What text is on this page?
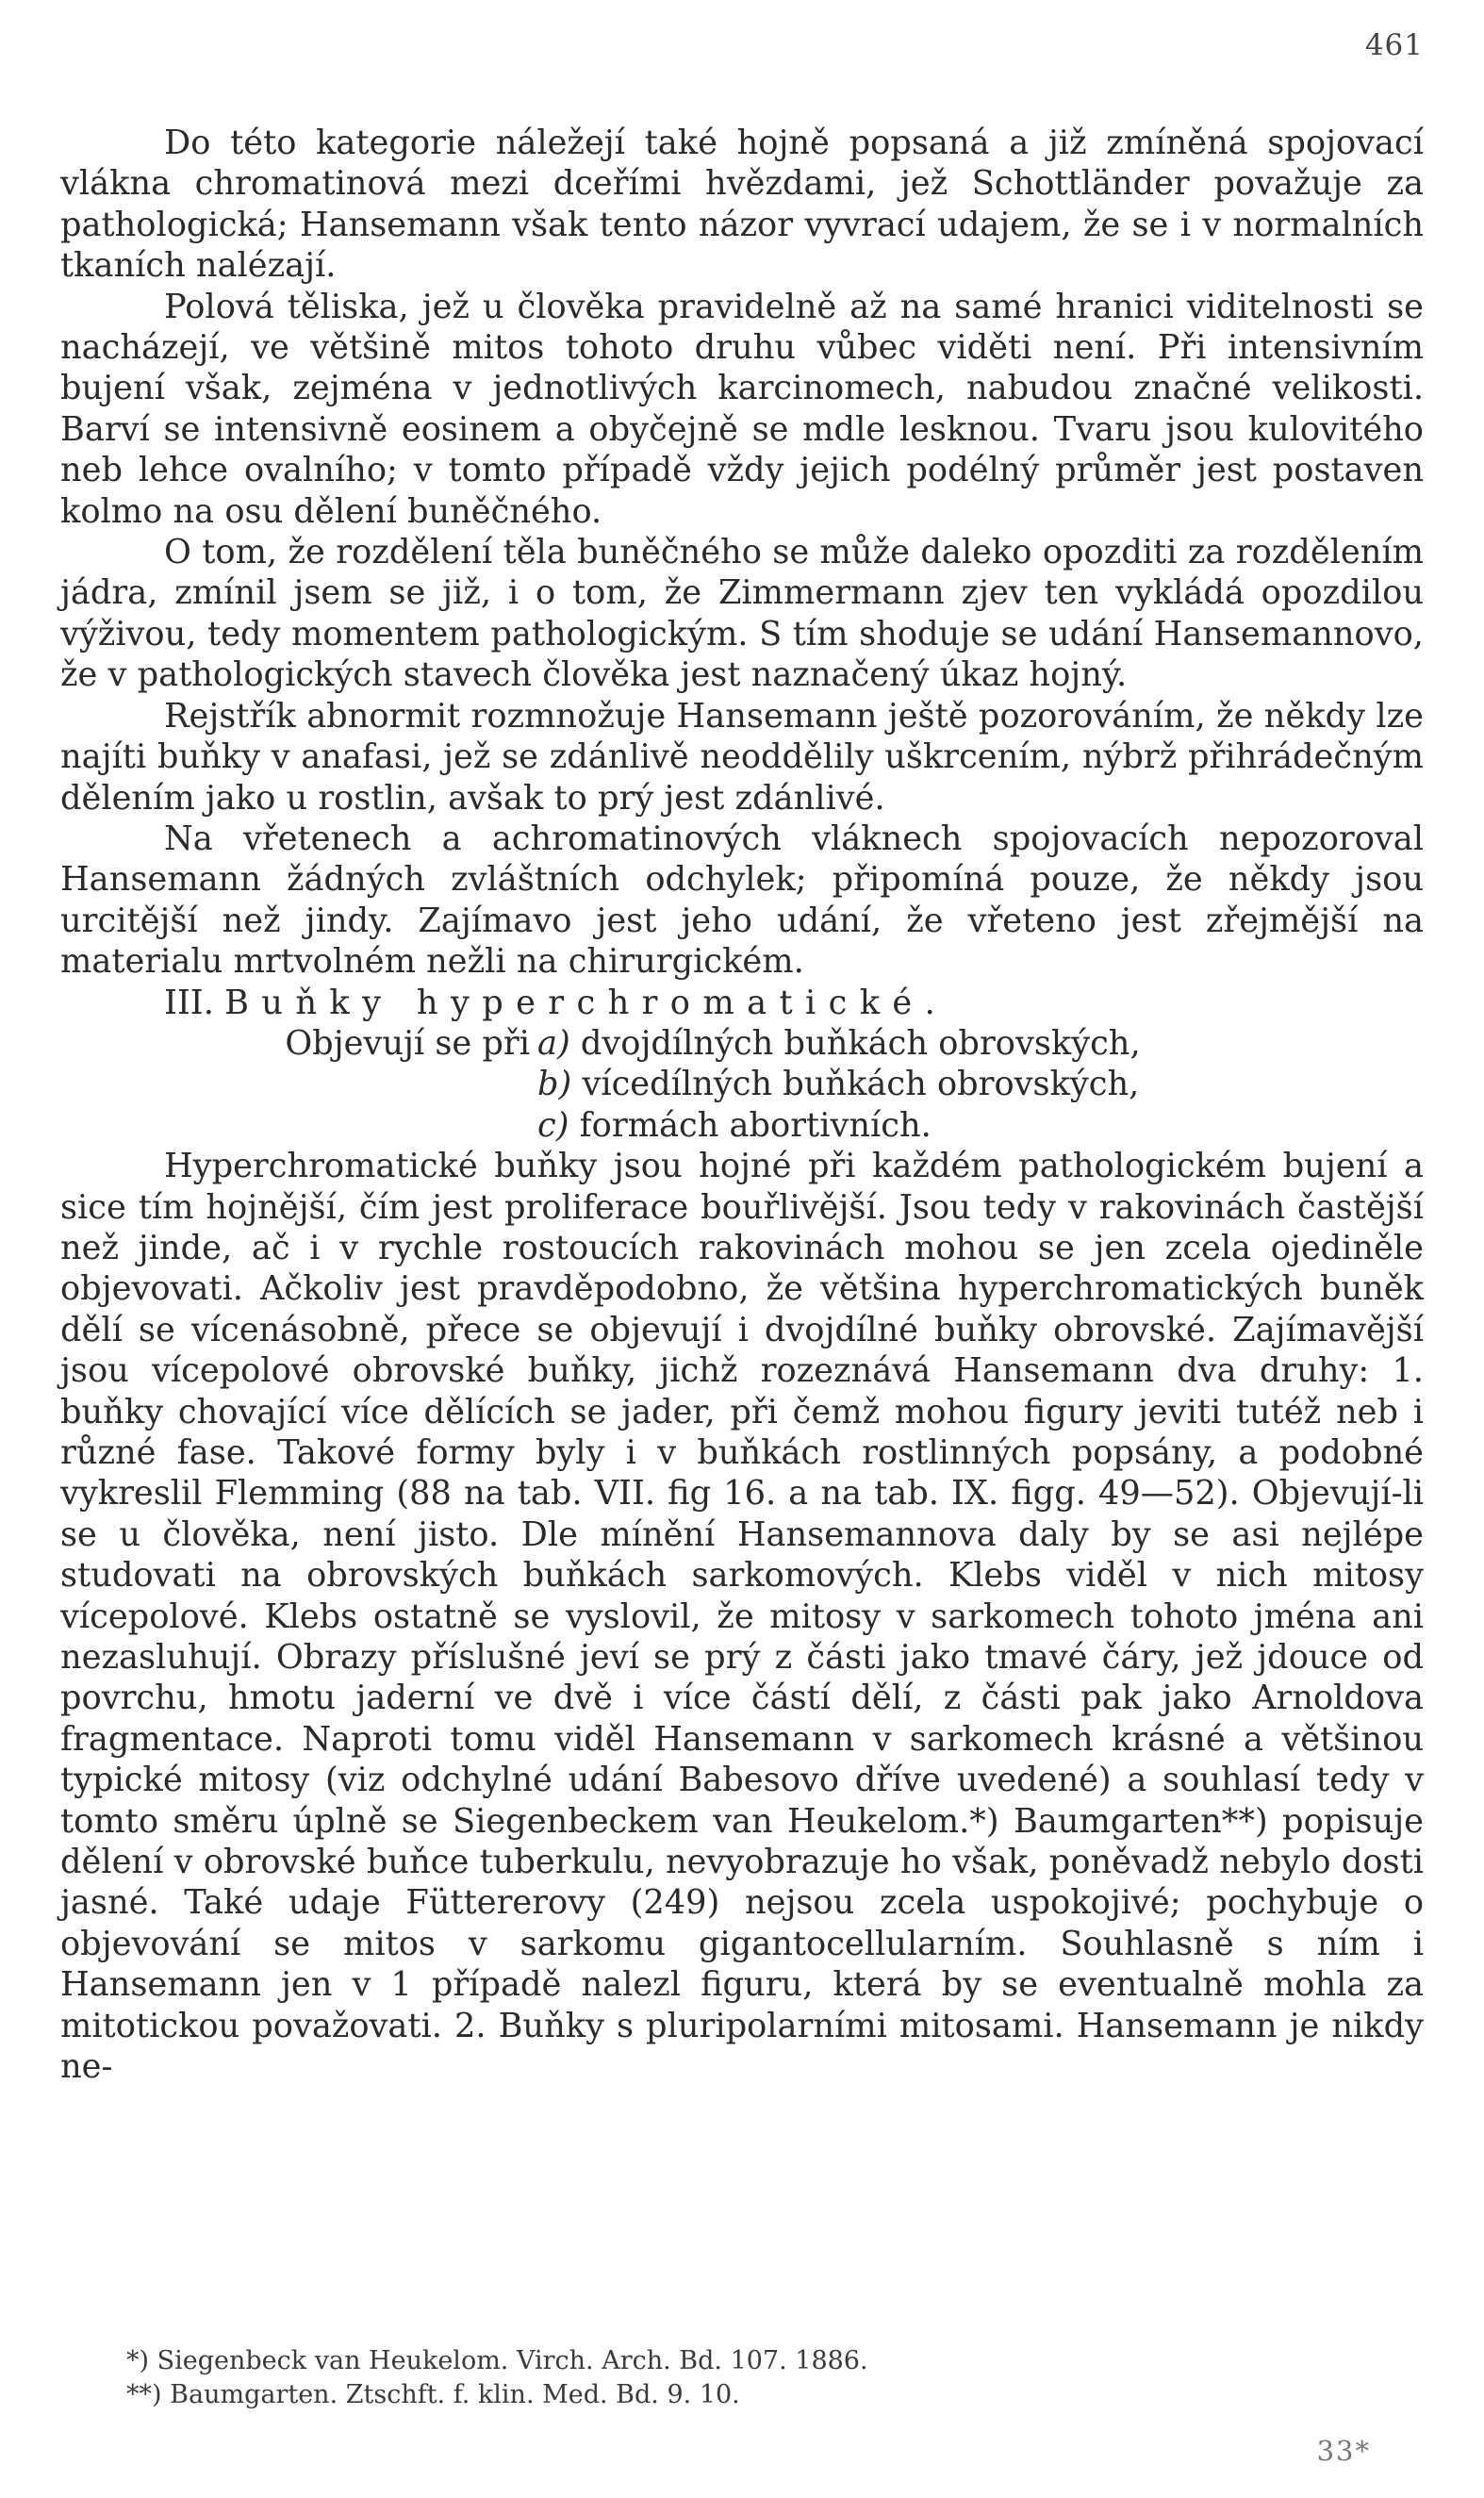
461

Do této kategorie náležejí také hojně popsaná a již zmíněná spojovací vlákna chromatinová mezi dceřími hvězdami, jež Schottländer považuje za pathologická; Hansemann však tento názor vyvrací udajem, že se i v normalních tkaních nalézají.

Polová těliska, jež u člověka pravidelně až na samé hranici viditelnosti se nacházejí, ve většině mitos tohoto druhu vůbec viděti není. Při intensivním bujení však, zejména v jednotlivých karcinomech, nabudou značné velikosti. Barví se intensivně eosinem a obyčejně se mdle lesknou. Tvaru jsou kulovitého neb lehce ovalního; v tomto případě vždy jejich podélný průměr jest postaven kolmo na osu dělení buněčného.

O tom, že rozdělení těla buněčného se může daleko opozditi za rozdělením jádra, zmínil jsem se již, i o tom, že Zimmermann zjev ten vykládá opozdilou výživou, tedy momentem pathologickým. S tím shoduje se udání Hansemannovo, že v pathologických stavech člověka jest naznačený úkaz hojný.

Rejstřík abnormit rozmnožuje Hansemann ještě pozorováním, že někdy lze najíti buňky v anafasi, jež se zdánlivě neoddělily uškrcením, nýbrž přihrádečným dělením jako u rostlin, avšak to prý jest zdánlivé.

Na vřetenech a achromatinových vláknech spojovacích nepozoroval Hansemann žádných zvláštních odchylek; připomíná pouze, že někdy jsou urcitější než jindy. Zajímavo jest jeho udání, že vřeteno jest zřejmější na materialu mrtvolném nežli na chirurgickém.

III. Buňky hyperchromatické.

Objevují se při a) dvojdílných buňkách obrovských,

b) vícedílných buňkách obrovských,

c) formách abortivních.

Hyperchromatické buňky jsou hojné při každém pathologickém bujení a sice tím hojnější, čím jest proliferace bouřlivější. Jsou tedy v rakovinách častější než jinde, ač i v rychle rostoucích rakovinách mohou se jen zcela ojediněle objevovati. Ačkoliv jest pravděpodobno, že většina hyperchromatických buněk dělí se vícenásobně, přece se objevují i dvojdílné buňky obrovské. Zajímavější jsou vícepolové obrovské buňky, jichž rozeznává Hansemann dva druhy: 1. buňky chovající více dělících se jader, při čemž mohou figury jeviti tutéž neb i různé fase. Takové formy byly i v buňkách rostlinných popsány, a podobné vykreslil Flemming (88 na tab. VII. fig 16. a na tab. IX. figg. 49—52). Objevují-li se u člověka, není jisto. Dle mínění Hansemannova daly by se asi nejlépe studovati na obrovských buňkách sarkomových. Klebs viděl v nich mitosy vícepolové. Klebs ostatně se vyslovil, že mitosy v sarkomech tohoto jména ani nezasluhují. Obrazy příslušné jeví se prý z části jako tmavé čáry, jež jdouce od povrchu, hmotu jaderní ve dvě i více částí dělí, z části pak jako Arnoldova fragmentace. Naproti tomu viděl Hansemann v sarkomech krásné a většinou typické mitosy (viz odchylné udání Babesovo dříve uvedené) a souhlasí tedy v tomto směru úplně se Siegenbeckem van Heukelom.*) Baumgarten**) popisuje dělení v obrovské buňce tuberkulu, nevyobrazuje ho však, poněvadž nebylo dosti jasné. Také udaje Füttererovy (249) nejsou zcela uspokojivé; pochybuje o objevování se mitos v sarkomu gigantocellularním. Souhlasně s ním i Hansemann jen v 1 případě nalezl figuru, která by se eventualně mohla za mitotickou považovati. 2. Buňky s pluripolarními mitosami. Hansemann je nikdy ne-

*) Siegenbeck van Heukelom. Virch. Arch. Bd. 107. 1886.

**) Baumgarten. Ztschft. f. klin. Med. Bd. 9. 10.

33*
